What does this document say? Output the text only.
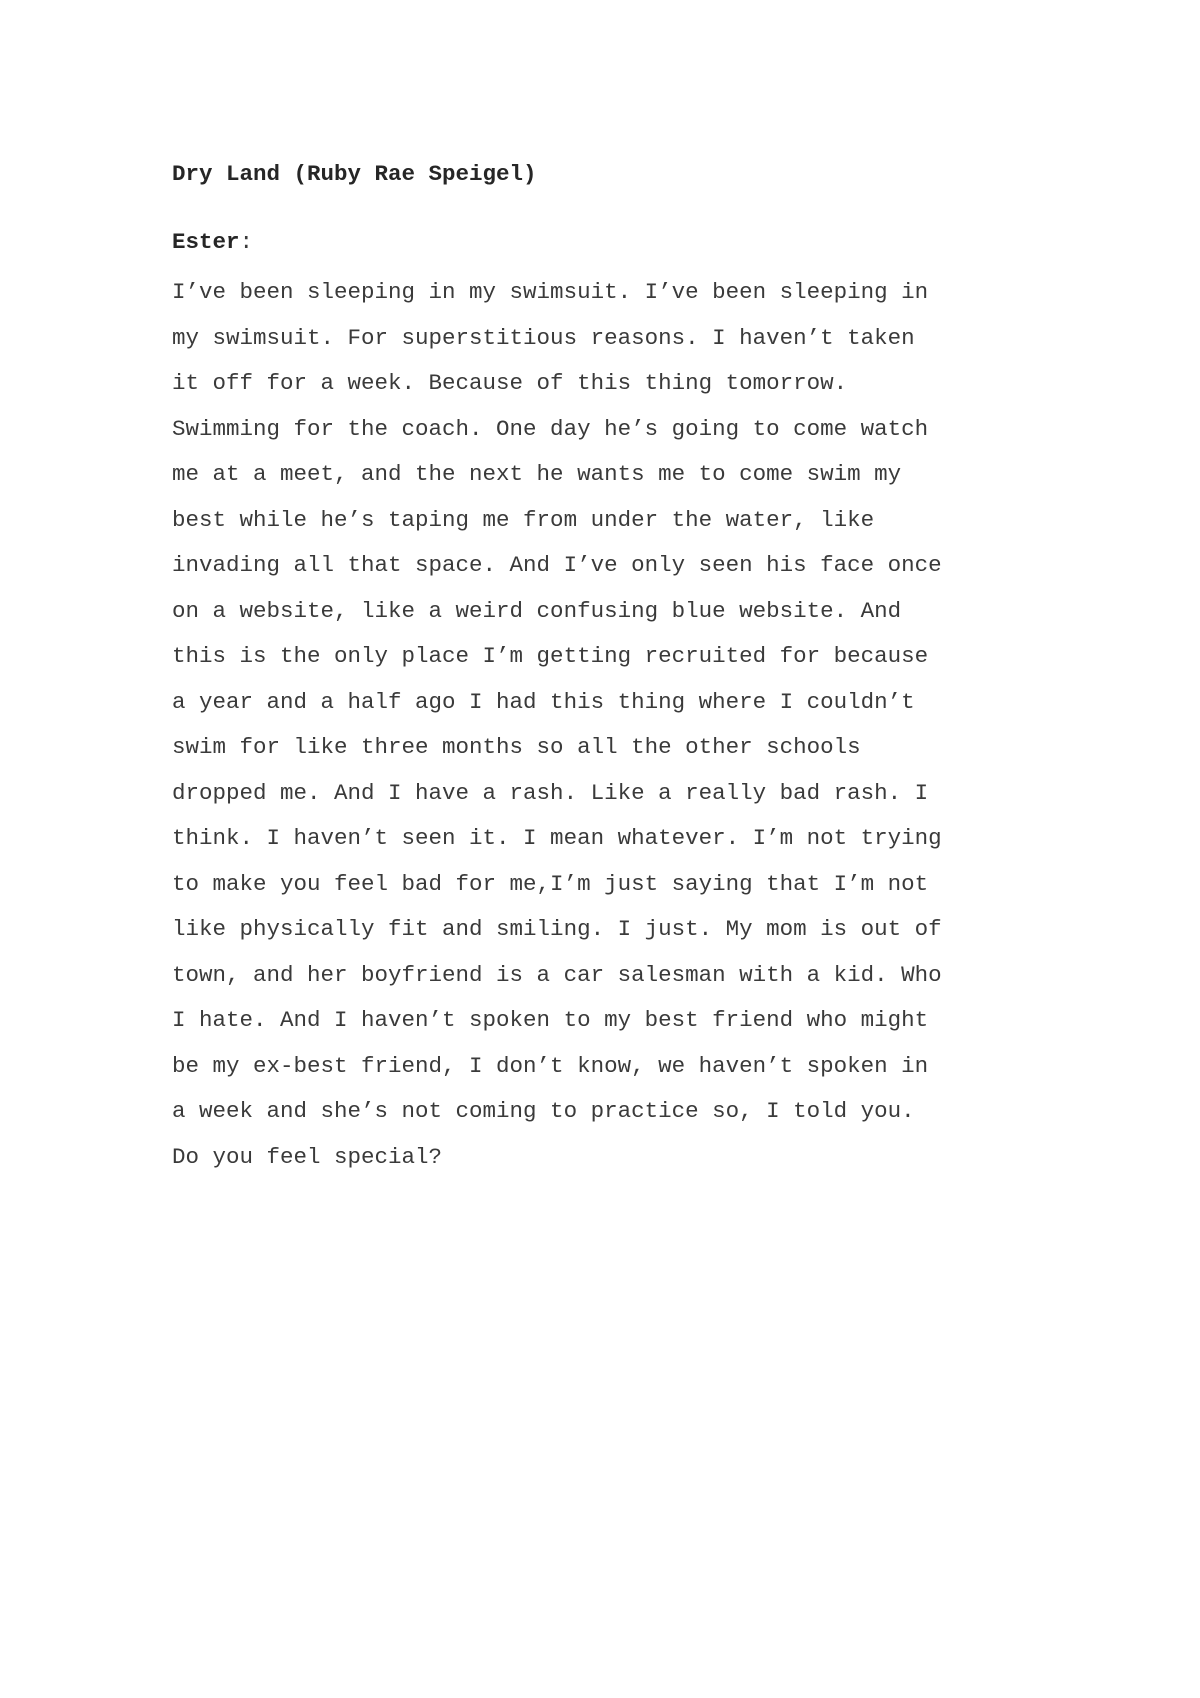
Dry Land (Ruby Rae Speigel)
Ester:
I’ve been sleeping in my swimsuit. I’ve been sleeping in
my swimsuit. For superstitious reasons. I haven’t taken
it off for a week. Because of this thing tomorrow.
Swimming for the coach. One day he’s going to come watch
me at a meet, and the next he wants me to come swim my
best while he’s taping me from under the water, like
invading all that space. And I’ve only seen his face once
on a website, like a weird confusing blue website. And
this is the only place I’m getting recruited for because
a year and a half ago I had this thing where I couldn’t
swim for like three months so all the other schools
dropped me. And I have a rash. Like a really bad rash. I
think. I haven’t seen it. I mean whatever. I’m not trying
to make you feel bad for me,I’m just saying that I’m not
like physically fit and smiling. I just. My mom is out of
town, and her boyfriend is a car salesman with a kid. Who
I hate. And I haven’t spoken to my best friend who might
be my ex-best friend, I don’t know, we haven’t spoken in
a week and she’s not coming to practice so, I told you.
Do you feel special?
